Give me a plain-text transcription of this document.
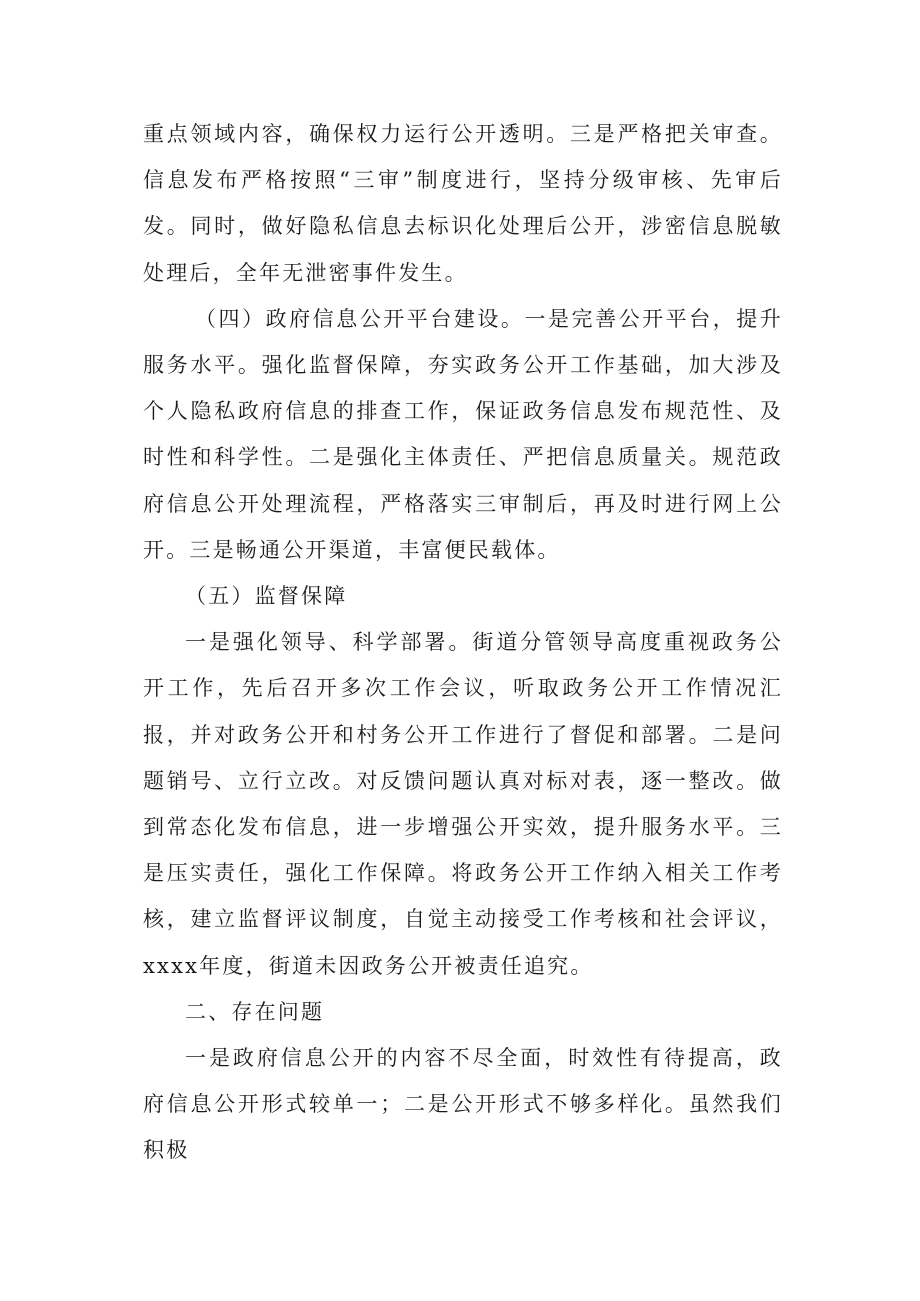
重点领域内容，确保权力运行公开透明。三是严格把关审查。信息发布严格按照“三审”制度进行，坚持分级审核、先审后发。同时，做好隐私信息去标识化处理后公开，涉密信息脱敏处理后，全年无泄密事件发生。

（四）政府信息公开平台建设。一是完善公开平台，提升服务水平。强化监督保障，夯实政务公开工作基础，加大涉及个人隐私政府信息的排查工作，保证政务信息发布规范性、及时性和科学性。二是强化主体责任、严把信息质量关。规范政府信息公开处理流程，严格落实三审制后，再及时进行网上公开。三是畅通公开渠道，丰富便民载体。

（五）监督保障

一是强化领导、科学部署。街道分管领导高度重视政务公开工作，先后召开多次工作会议，听取政务公开工作情况汇报，并对政务公开和村务公开工作进行了督促和部署。二是问题销号、立行立改。对反馈问题认真对标对表，逐一整改。做到常态化发布信息，进一步增强公开实效，提升服务水平。三是压实责任，强化工作保障。将政务公开工作纳入相关工作考核，建立监督评议制度，自觉主动接受工作考核和社会评议，xxxx年度，街道未因政务公开被责任追究。

二、存在问题

一是政府信息公开的内容不尽全面，时效性有待提高，政府信息公开形式较单一；二是公开形式不够多样化。虽然我们积极
